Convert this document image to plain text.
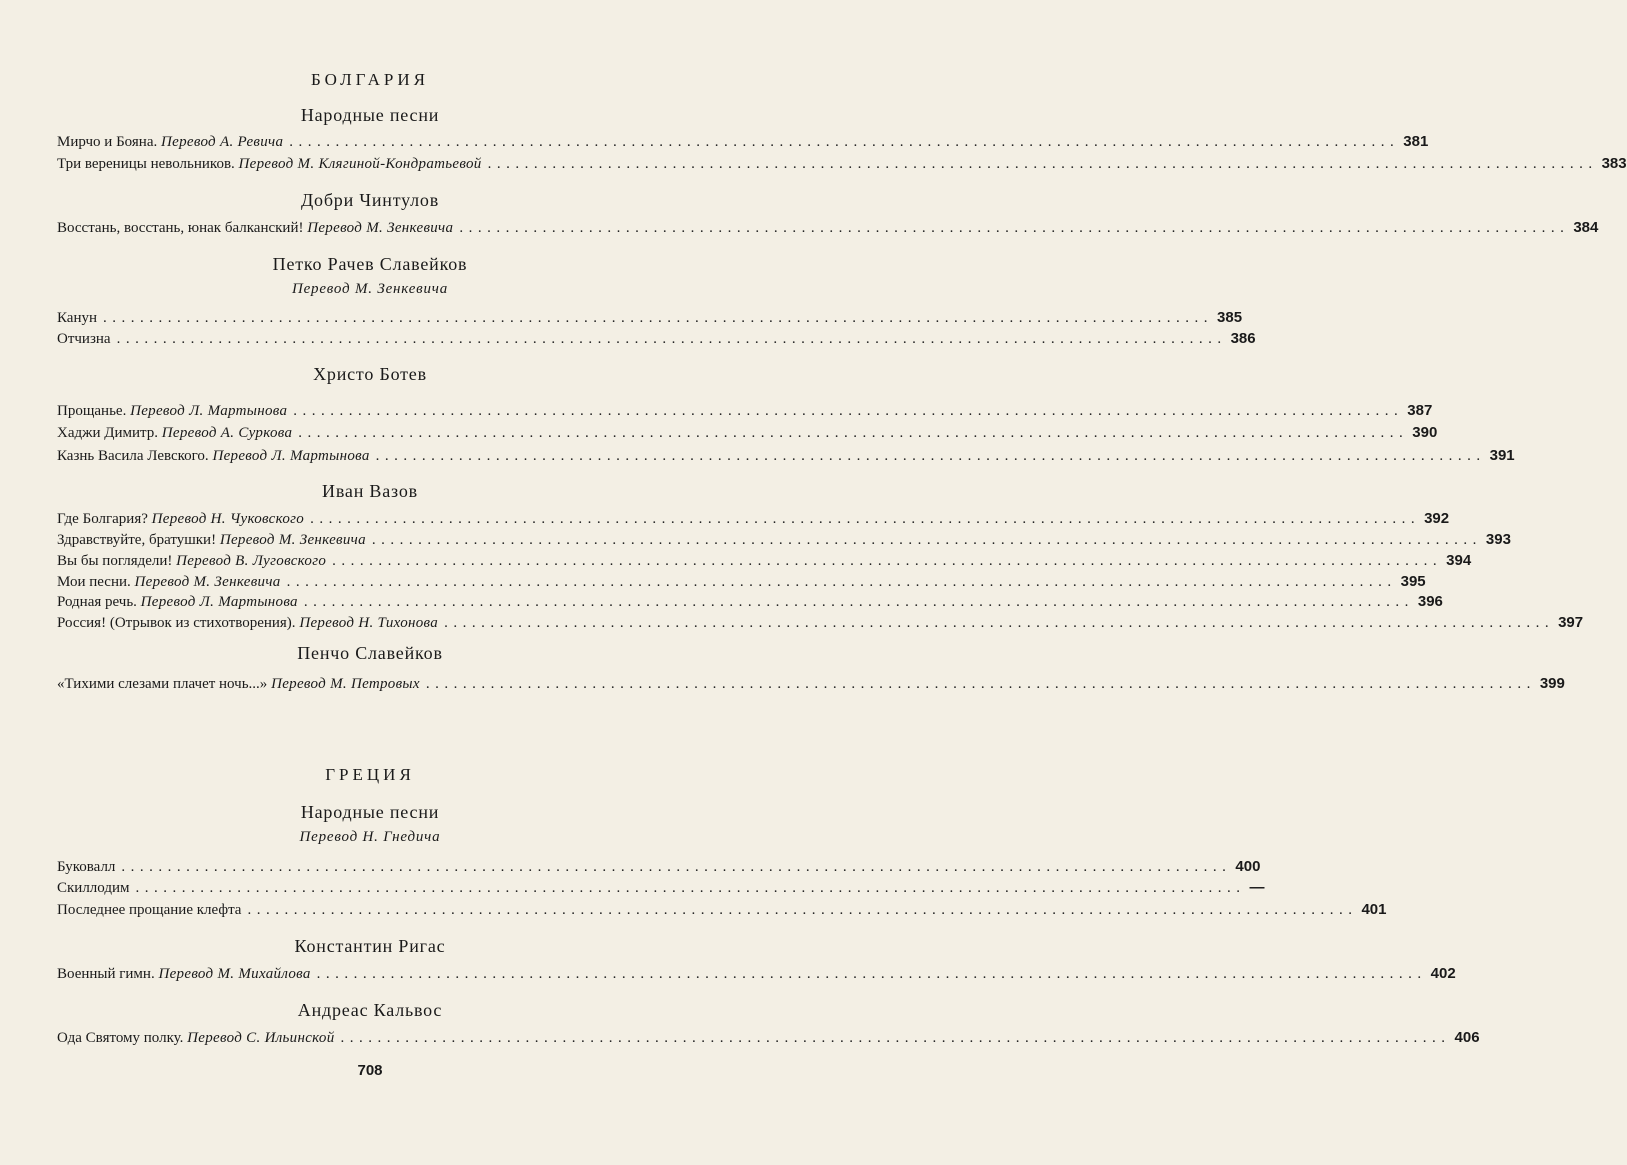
БОЛГАРИЯ
Народные песни
Мирчо и Бояна. Перевод А. Ревича ........................................................................................................................ 381
Три вереницы невольников. Перевод М. Клягиной-Кондратьевой ........................................................................................................................ 383
Добри Чинтулов
Восстань, восстань, юнак балканский! Перевод М. Зенкевича ........................................................................................................................ 384
Петко Рачев Славейков
Перевод М. Зенкевича
Канун ........................................................................................................................ 385
Отчизна ........................................................................................................................ 386
Христо Ботев
Прощанье. Перевод Л. Мартынова ........................................................................................................................ 387
Хаджи Димитр. Перевод А. Суркова ........................................................................................................................ 390
Казнь Васила Левского. Перевод Л. Мартынова ........................................................................................................................ 391
Иван Вазов
Где Болгария? Перевод Н. Чуковского ........................................................................................................................ 392
Здравствуйте, братушки! Перевод М. Зенкевича ........................................................................................................................ 393
Вы бы поглядели! Перевод В. Луговского ........................................................................................................................ 394
Мои песни. Перевод М. Зенкевича ........................................................................................................................ 395
Родная речь. Перевод Л. Мартынова ........................................................................................................................ 396
Россия! (Отрывок из стихотворения). Перевод Н. Тихонова ........................................................................................................................ 397
Пенчо Славейков
«Тихими слезами плачет ночь...» Перевод М. Петровых ........................................................................................................................ 399
ГРЕЦИЯ
Народные песни
Перевод Н. Гнедича
Буковалл ........................................................................................................................ 400
Скиллодим ........................................................................................................................ —
Последнее прощание клефта ........................................................................................................................ 401
Константин Ригас
Военный гимн. Перевод М. Михайлова ........................................................................................................................ 402
Андреас Кальвос
Ода Святому полку. Перевод С. Ильинской ........................................................................................................................ 406
708
